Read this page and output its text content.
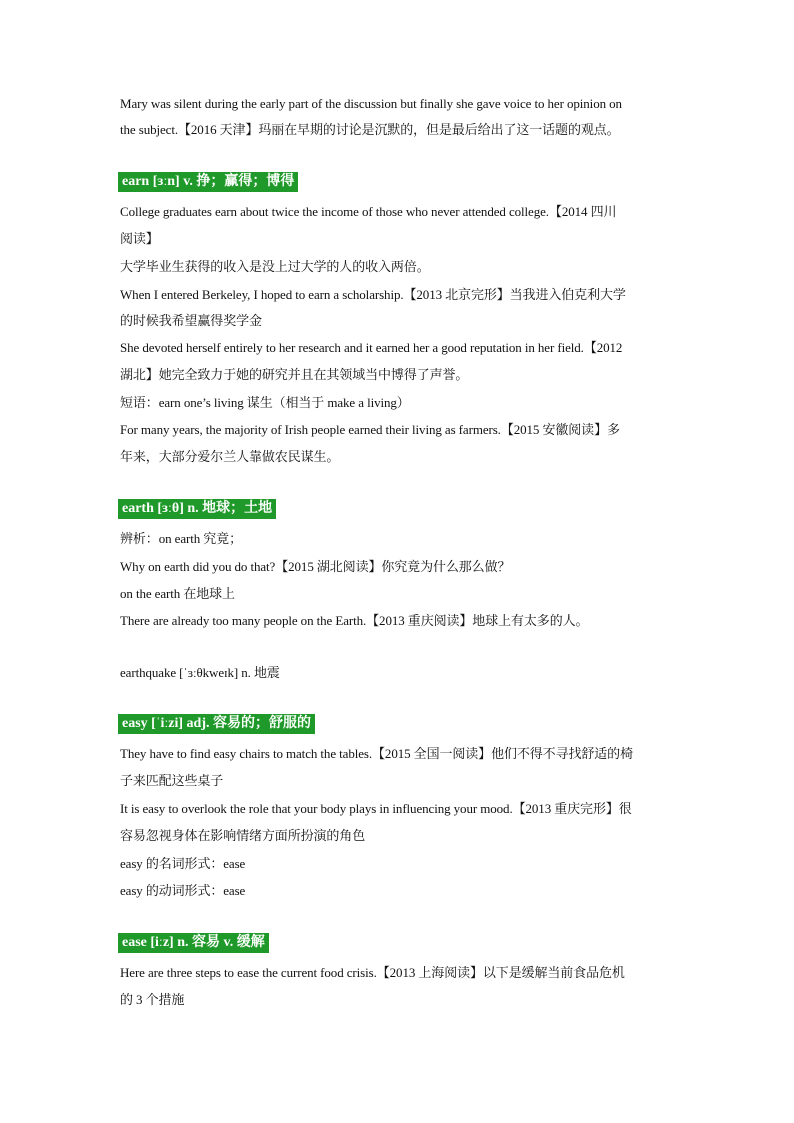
Mary was silent during the early part of the discussion but finally she gave voice to her opinion on
the subject.【2016 天津】玛丽在早期的讨论是沉默的，但是最后给出了这一话题的观点。
earn [ɜːn] v. 挣；赢得；博得
College graduates earn about twice the income of those who never attended college.【2014 四川
阅读】
大学毕业生获得的收入是没上过大学的人的收入两倍。
When I entered Berkeley, I hoped to earn a scholarship.【2013 北京完形】当我进入伯克利大学
的时候我希望赢得奖学金
She devoted herself entirely to her research and it earned her a good reputation in her field.【2012
湖北】她完全致力于她的研究并且在其领域当中博得了声誉。
短语：earn one’s living 谋生（相当于 make a living）
For many years, the majority of Irish people earned their living as farmers.【2015 安徽阅读】多
年来，大部分爱尔兰人靠做农民谋生。
earth [ɜːθ] n. 地球；土地
辨析：on earth 究竟；
Why on earth did you do that?【2015 湖北阅读】你究竟为什么那么做？
on the earth 在地球上
There are already too many people on the Earth.【2013 重庆阅读】地球上有太多的人。
earthquake [ˈɜːθkweɪk] n. 地震
easy [ˈiːzi] adj. 容易的；舒服的
They have to find easy chairs to match the tables.【2015 全国一阅读】他们不得不寻找舒适的椅
子来匹配这些桌子
It is easy to overlook the role that your body plays in influencing your mood.【2013 重庆完形】很
容易忽视身体在影响情绪方面所扮演的角色
easy 的名词形式：ease
easy 的动词形式：ease
ease [iːz] n. 容易 v. 缓解
Here are three steps to ease the current food crisis.【2013 上海阅读】以下是缓解当前食品危机
的 3 个措施
